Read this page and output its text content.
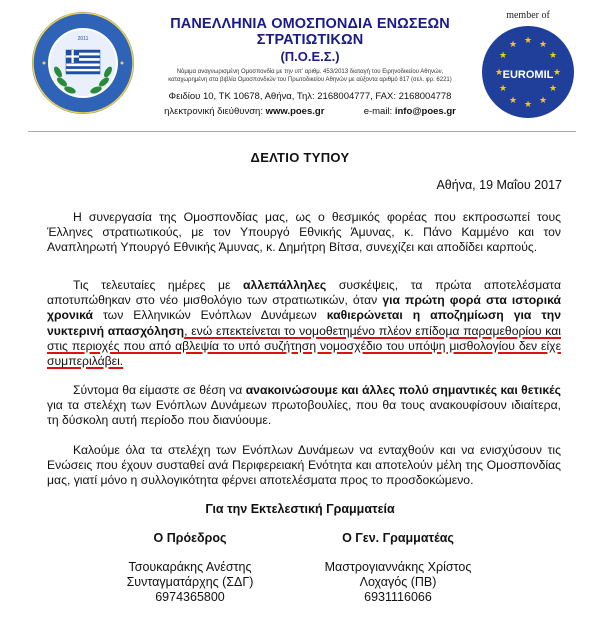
2011
ΠΑΝΕΛΛΗΝΙΑ ΟΜΟΣΠΟΝΔΙΑ ΕΝΩΣΕΩΝ ΣΤΡΑΤΙΩΤΙΚΩΝ
(Π.Ο.Ε.Σ.)
Νόμιμα αναγνωρισμένη Ομοσπονδία με την υπ' αριθμ. 453/2013 διαταγή του Ειρηνοδικείου Αθηνών,
καταχωρημένη στα βιβλία Ομοσπονδιών του Πρωτοδικείου Αθηνών με αύξοντα αριθμό 817 (σελ. φρ. 6221)
Φειδίου 10, ΤΚ 10678, Αθήνα, Τηλ: 2168004777, FAX: 2168004778
ηλεκτρονική διεύθυνση: www.poes.gr	e-mail: info@poes.gr
member of
★ ★
★
★
★
★
★
★
★
★
★
★
EUROMIL
ΔΕΛΤΙΟ ΤΥΠΟΥ
Αθήνα, 19 Μαΐου 2017
Η συνεργασία της Ομοσπονδίας μας, ως ο θεσμικός φορέας που εκπροσωπεί τους Έλληνες στρατιωτικούς, με τον Υπουργό Εθνικής Άμυνας, κ. Πάνο Καμμένο και τον Αναπληρωτή Υπουργό Εθνικής Άμυνας, κ. Δημήτρη Βίτσα, συνεχίζει και αποδίδει καρπούς.
Τις τελευταίες ημέρες με αλλεπάλληλες συσκέψεις, τα πρώτα αποτελέσματα αποτυπώθηκαν στο νέο μισθολόγιο των στρατιωτικών, όταν για πρώτη φορά στα ιστορικά χρονικά των Ελληνικών Ενόπλων Δυνάμεων καθιερώνεται η αποζημίωση για την νυκτερινή απασχόληση, ενώ επεκτείνεται το νομοθετημένο πλέον επίδομα παραμεθορίου και στις περιοχές που από αβλεψία το υπό συζήτηση νομοσχέδιο του υπόψη μισθολογίου δεν είχε συμπεριλάβει.
Σύντομα θα είμαστε σε θέση να ανακοινώσουμε και άλλες πολύ σημαντικές και θετικές για τα στελέχη των Ενόπλων Δυνάμεων πρωτοβουλίες, που θα τους ανακουφίσουν ιδιαίτερα, τη δύσκολη αυτή περίοδο που διανύουμε.
Καλούμε όλα τα στελέχη των Ενόπλων Δυνάμεων να ενταχθούν και να ενισχύσουν τις Ενώσεις που έχουν συσταθεί ανά Περιφερειακή Ενότητα και αποτελούν μέλη της Ομοσπονδίας μας, γιατί μόνο η συλλογικότητα φέρνει αποτελέσματα προς το προσδοκώμενο.
Για την Εκτελεστική Γραμματεία
Ο Πρόεδρος
Τσουκαράκης Ανέστης
Συνταγματάρχης (ΣΔΓ)
6974365800
Ο Γεν. Γραμματέας
Μαστρογιαννάκης Χρίστος
Λοχαγός (ΠΒ)
6931116066
